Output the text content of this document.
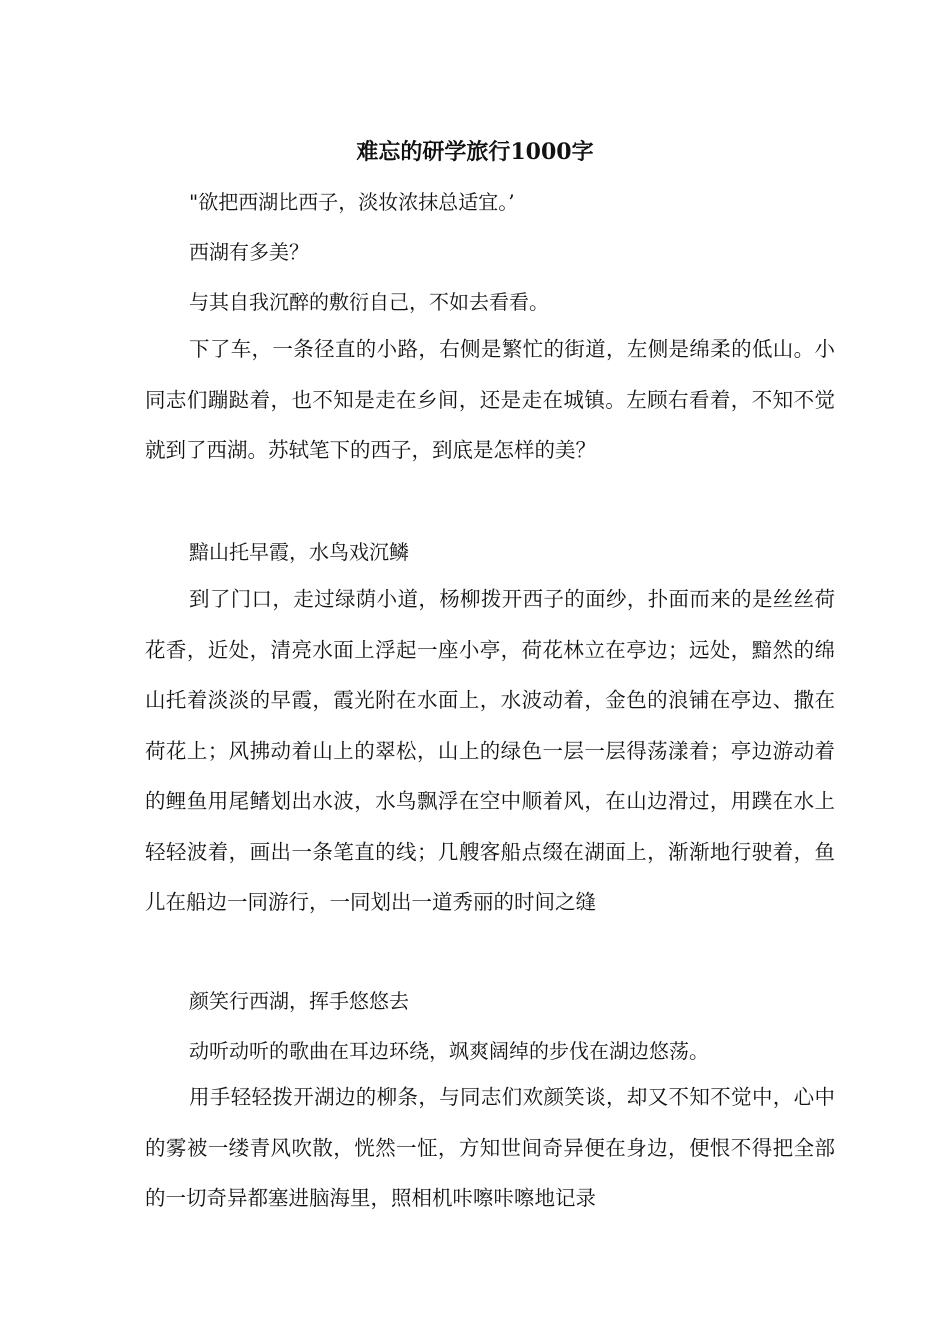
难忘的研学旅行1000字

"欲把西湖比西子，淡妆浓抹总适宜。’

西湖有多美？

与其自我沉醉的敷衍自己，不如去看看。

下了车，一条径直的小路，右侧是繁忙的街道，左侧是绵柔的低山。小同志们蹦跶着，也不知是走在乡间，还是走在城镇。左顾右看着，不知不觉就到了西湖。苏轼笔下的西子，到底是怎样的美？

黯山托早霞，水鸟戏沉鳞

到了门口，走过绿荫小道，杨柳拨开西子的面纱，扑面而来的是丝丝荷花香，近处，清亮水面上浮起一座小亭，荷花林立在亭边；远处，黯然的绵山托着淡淡的早霞，霞光附在水面上，水波动着，金色的浪铺在亭边、撒在荷花上；风拂动着山上的翠松，山上的绿色一层一层得荡漾着；亭边游动着的鲤鱼用尾鳍划出水波，水鸟飘浮在空中顺着风，在山边滑过，用蹼在水上轻轻波着，画出一条笔直的线；几艘客船点缀在湖面上，渐渐地行驶着，鱼儿在船边一同游行，一同划出一道秀丽的时间之缝

颜笑行西湖，挥手悠悠去

动听动听的歌曲在耳边环绕，飒爽阔绰的步伐在湖边悠荡。

用手轻轻拨开湖边的柳条，与同志们欢颜笑谈，却又不知不觉中，心中的雾被一缕青风吹散，恍然一怔，方知世间奇异便在身边，便恨不得把全部的一切奇异都塞进脑海里，照相机咔嚓咔嚓地记录
